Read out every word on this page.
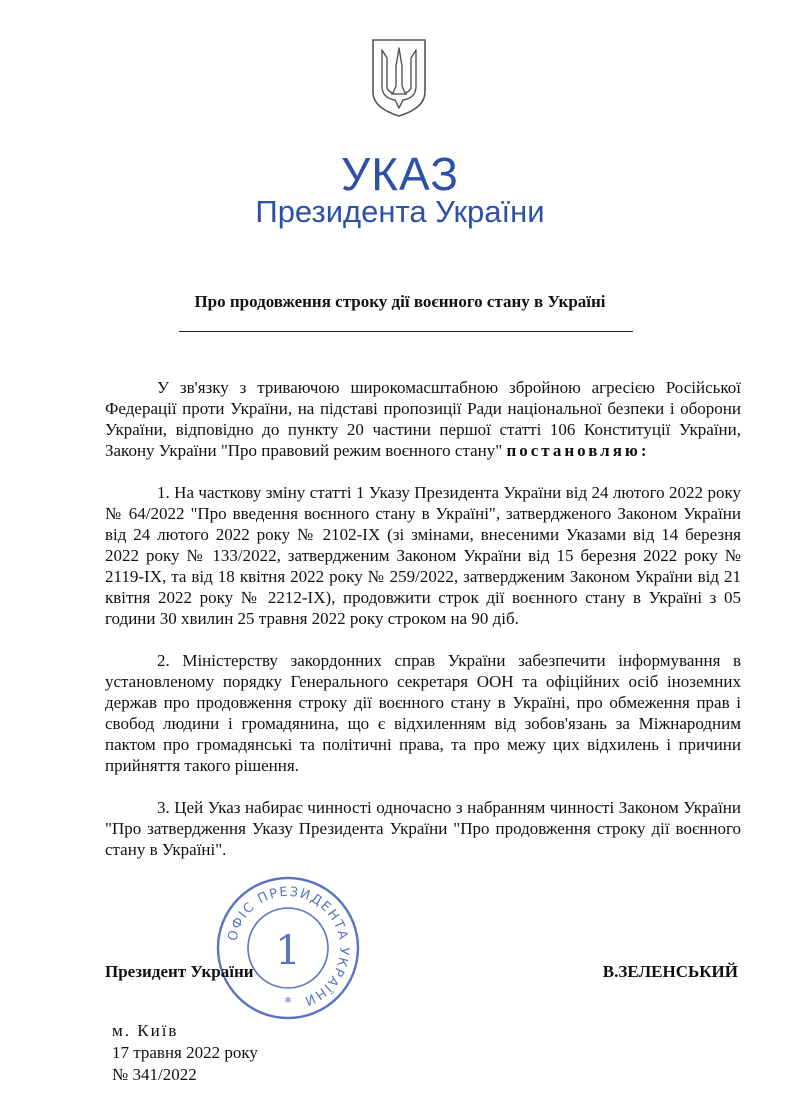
УКАЗ
Президента України
Про продовження строку дії воєнного стану в Україні

У зв'язку з триваючою широкомасштабною збройною агресією Російської Федерації проти України, на підставі пропозиції Ради національної безпеки і оборони України, відповідно до пункту 20 частини першої статті 106 Конституції України, Закону України "Про правовий режим воєнного стану" постановляю:

1. На часткову зміну статті 1 Указу Президента України від 24 лютого 2022 року № 64/2022 "Про введення воєнного стану в Україні", затвердженого Законом України від 24 лютого 2022 року № 2102-IX (зі змінами, внесеними Указами від 14 березня 2022 року № 133/2022, затвердженим Законом України від 15 березня 2022 року № 2119-IX, та від 18 квітня 2022 року № 259/2022, затвердженим Законом України від 21 квітня 2022 року № 2212-IX), продовжити строк дії воєнного стану в Україні з 05 години 30 хвилин 25 травня 2022 року строком на 90 діб.

2. Міністерству закордонних справ України забезпечити інформування в установленому порядку Генерального секретаря ООН та офіційних осіб іноземних держав про продовження строку дії воєнного стану в Україні, про обмеження прав і свобод людини і громадянина, що є відхиленням від зобов'язань за Міжнародним пактом про громадянські та політичні права, та про межу цих відхилень і причини прийняття такого рішення.

3. Цей Указ набирає чинності одночасно з набранням чинності Законом України "Про затвердження Указу Президента України "Про продовження строку дії воєнного стану в Україні".

ОФІС ПРЕЗИДЕНТА УКРАЇНИ
1
*
Президент України	В.ЗЕЛЕНСЬКИЙ
м. Київ
17 травня 2022 року
№ 341/2022
